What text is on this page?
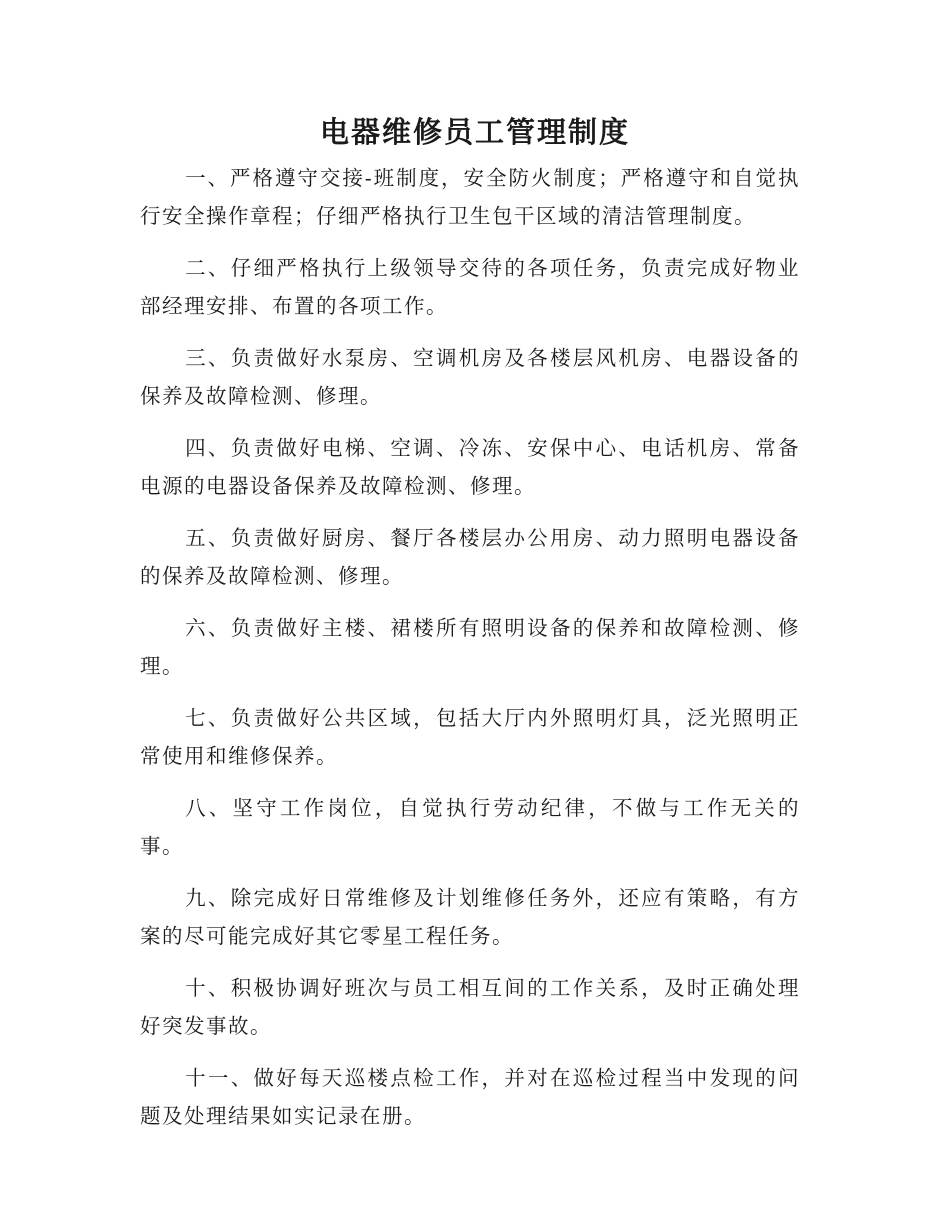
电器维修员工管理制度

一、严格遵守交接-班制度，安全防火制度；严格遵守和自觉执行安全操作章程；仔细严格执行卫生包干区域的清洁管理制度。

二、仔细严格执行上级领导交待的各项任务，负责完成好物业部经理安排、布置的各项工作。

三、负责做好水泵房、空调机房及各楼层风机房、电器设备的保养及故障检测、修理。

四、负责做好电梯、空调、冷冻、安保中心、电话机房、常备电源的电器设备保养及故障检测、修理。

五、负责做好厨房、餐厅各楼层办公用房、动力照明电器设备的保养及故障检测、修理。

六、负责做好主楼、裙楼所有照明设备的保养和故障检测、修理。

七、负责做好公共区域，包括大厅内外照明灯具，泛光照明正常使用和维修保养。

八、坚守工作岗位，自觉执行劳动纪律，不做与工作无关的事。

九、除完成好日常维修及计划维修任务外，还应有策略，有方案的尽可能完成好其它零星工程任务。

十、积极协调好班次与员工相互间的工作关系，及时正确处理好突发事故。

十一、做好每天巡楼点检工作，并对在巡检过程当中发现的问题及处理结果如实记录在册。
